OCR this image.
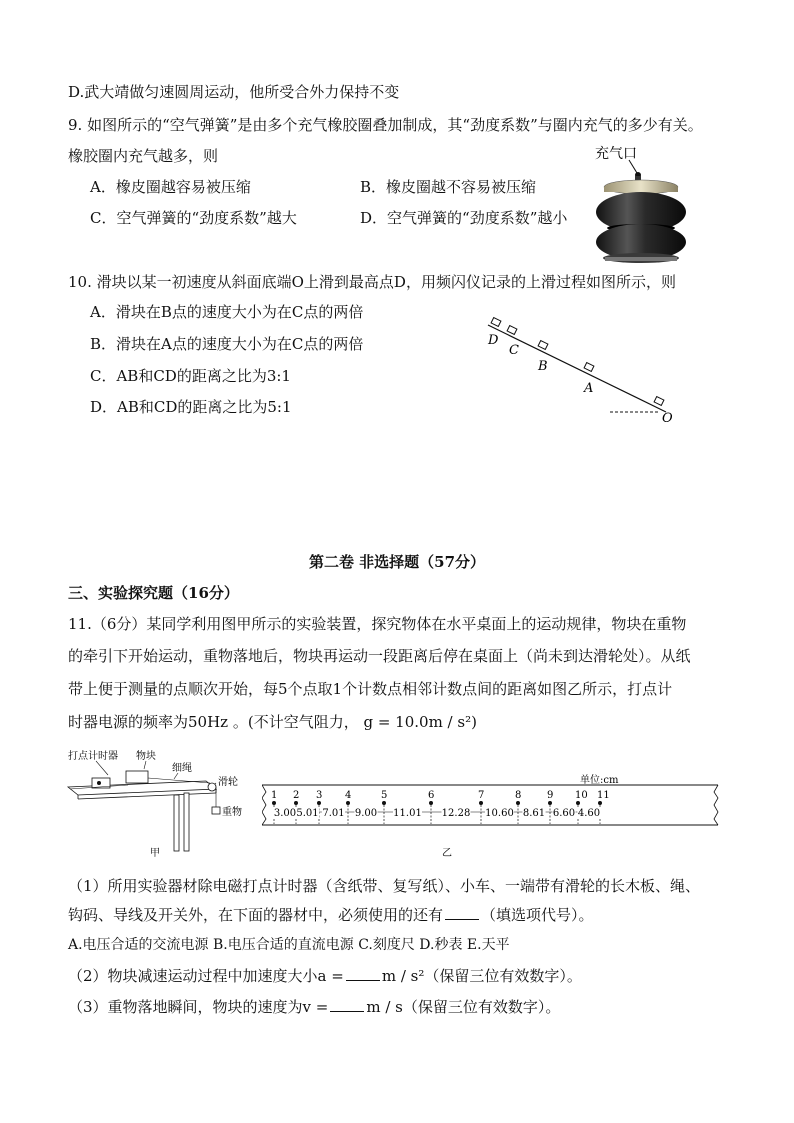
D.武大靖做匀速圆周运动，他所受合外力保持不变
9. 如图所示的“空气弹簧”是由多个充气橡胶圈叠加制成，其“劲度系数”与圈内充气的多少有关。
橡胶圈内充气越多，则
A．橡皮圈越容易被压缩	B．橡皮圈越不容易被压缩
C．空气弹簧的“劲度系数”越大	D．空气弹簧的“劲度系数”越小
充气口
10. 滑块以某一初速度从斜面底端O上滑到最高点D，用频闪仪记录的上滑过程如图所示，则
A．滑块在B点的速度大小为在C点的两倍
B．滑块在A点的速度大小为在C点的两倍
C．AB和CD的距离之比为3:1
D．AB和CD的距离之比为5:1
D
C
B
A
O
第二卷 非选择题（57分）
三、实验探究题（16分）
11.（6分）某同学利用图甲所示的实验装置，探究物体在水平桌面上的运动规律，物块在重物
的牵引下开始运动，重物落地后，物块再运动一段距离后停在桌面上（尚未到达滑轮处）。从纸
带上便于测量的点顺次开始，每5个点取1个计数点相邻计数点间的距离如图乙所示，打点计
时器电源的频率为50Hz 。(不计空气阻力， g = 10.0m / s²)
打点计时器 物块
细绳
滑轮
重物
甲
单位:cm
1 2 3 4	5	6	7	8	9 10 11
3.00 5.01 7.01 9.00 11.01 12.28 10.60 8.61 6.60 4.60
乙
（1）所用实验器材除电磁打点计时器（含纸带、复写纸）、小车、一端带有滑轮的长木板、绳、
钩码、导线及开关外，在下面的器材中，必须使用的还有	（填选项代号）。
A.电压合适的交流电源 B.电压合适的直流电源 C.刻度尺 D.秒表 E.天平
（2）物块减速运动过程中加速度大小a =	m / s²（保留三位有效数字）。
（3）重物落地瞬间，物块的速度为v =	m / s（保留三位有效数字）。
